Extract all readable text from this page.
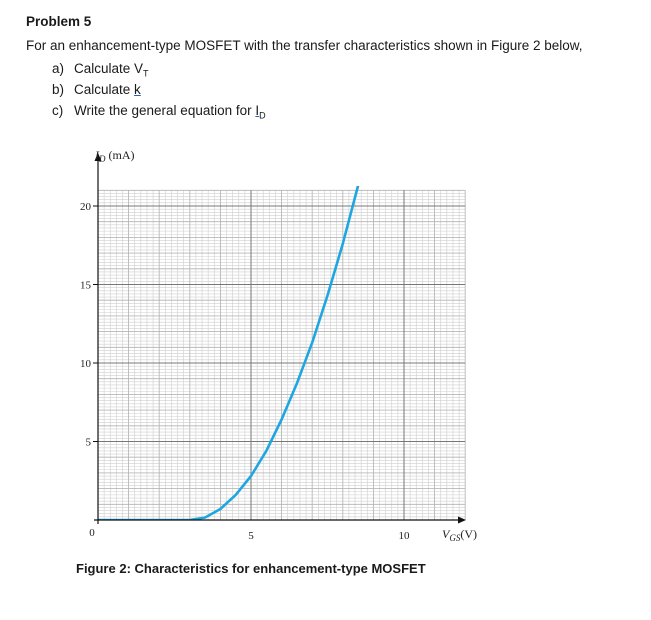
Problem 5
For an enhancement-type MOSFET with the transfer characteristics shown in Figure 2 below,
a) Calculate $V_T$
b) Calculate k
c) Write the general equation for $I_D$
5
10
15
20
5	10
0
$I_D$ (mA)
$V_{GS}(V)$
Figure 2: Characteristics for enhancement-type MOSFET
